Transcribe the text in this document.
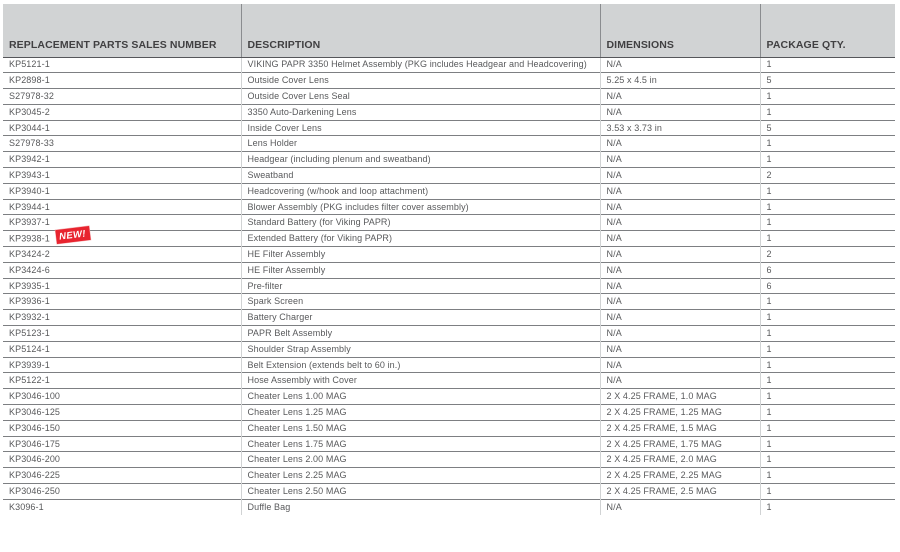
REPLACEMENT PARTS SALES NUMBER	DESCRIPTION	DIMENSIONS	PACKAGE QTY.
KP5121-1	VIKING PAPR 3350 Helmet Assembly (PKG includes Headgear and Headcovering)	N/A	1
KP2898-1	Outside Cover Lens	5.25 x 4.5 in	5
S27978-32	Outside Cover Lens Seal	N/A	1
KP3045-2	3350 Auto-Darkening Lens	N/A	1
KP3044-1	Inside Cover Lens	3.53 x 3.73 in	5
S27978-33	Lens Holder	N/A	1
KP3942-1	Headgear (including plenum and sweatband)	N/A	1
KP3943-1	Sweatband	N/A	2
KP3940-1	Headcovering (w/hook and loop attachment)	N/A	1
KP3944-1	Blower Assembly (PKG includes filter cover assembly)	N/A	1
KP3937-1	Standard Battery (for Viking PAPR)	N/A	1
KP3938-1 NEW!	Extended Battery (for Viking PAPR)	N/A	1
KP3424-2	HE Filter Assembly	N/A	2
KP3424-6	HE Filter Assembly	N/A	6
KP3935-1	Pre-filter	N/A	6
KP3936-1	Spark Screen	N/A	1
KP3932-1	Battery Charger	N/A	1
KP5123-1	PAPR Belt Assembly	N/A	1
KP5124-1	Shoulder Strap Assembly	N/A	1
KP3939-1	Belt Extension (extends belt to 60 in.)	N/A	1
KP5122-1	Hose Assembly with Cover	N/A	1
KP3046-100	Cheater Lens 1.00 MAG	2 X 4.25 FRAME, 1.0 MAG	1
KP3046-125	Cheater Lens 1.25 MAG	2 X 4.25 FRAME, 1.25 MAG	1
KP3046-150	Cheater Lens 1.50 MAG	2 X 4.25 FRAME, 1.5 MAG	1
KP3046-175	Cheater Lens 1.75 MAG	2 X 4.25 FRAME, 1.75 MAG	1
KP3046-200	Cheater Lens 2.00 MAG	2 X 4.25 FRAME, 2.0 MAG	1
KP3046-225	Cheater Lens 2.25 MAG	2 X 4.25 FRAME, 2.25 MAG	1
KP3046-250	Cheater Lens 2.50 MAG	2 X 4.25 FRAME, 2.5 MAG	1
K3096-1	Duffle Bag	N/A	1
